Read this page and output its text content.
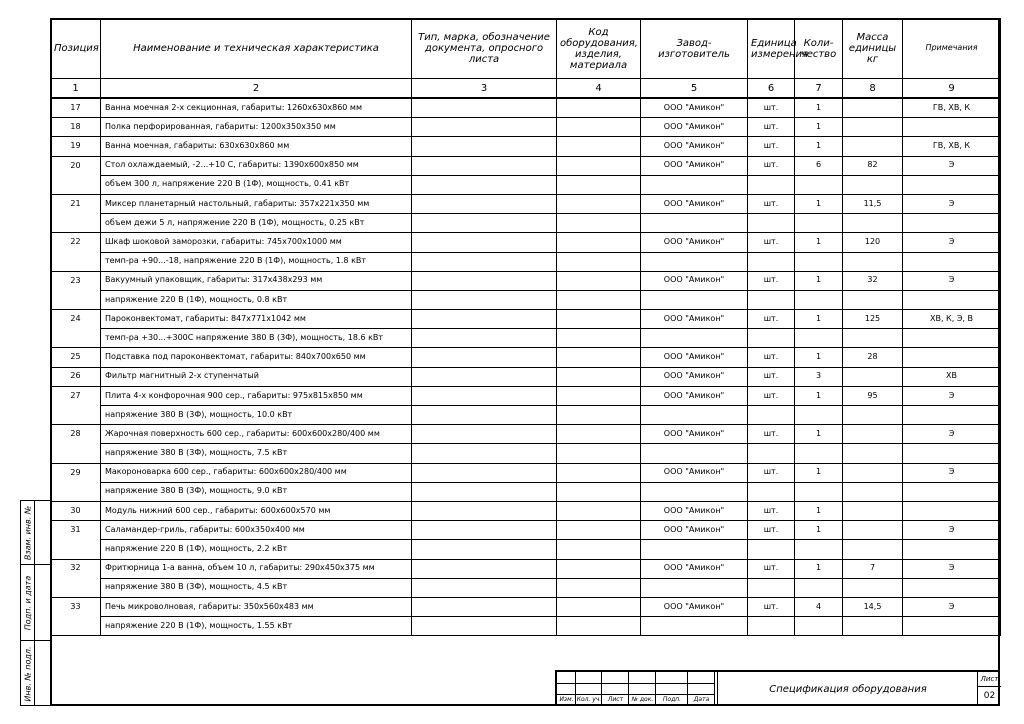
Позиция	Наименование и техническая характеристика	Тип, марка, обозначение документа, опросного листа	Код оборудования, изделия, материала	Завод-изготовитель	Единица измерения	Коли-чество	Масса единицы кг	Примечания
1	2	3	4	5	6	7	8	9
17	Ванна моечная 2-х секционная, габариты: 1260х630х860 мм			ООО "Амикон"	шт.	1		ГВ, ХВ, К
18	Полка перфорированная, габариты: 1200х350х350 мм			ООО "Амикон"	шт.	1		
19	Ванна моечная, габариты: 630х630х860 мм			ООО "Амикон"	шт.	1		ГВ, ХВ, К
20	Стол охлаждаемый, -2...+10 С, габариты: 1390х600х850 мм			ООО "Амикон"	шт.	6	82	Э
	объем 300 л, напряжение 220 В (1Ф), мощность, 0.41 кВт							
21	Миксер планетарный настольный, габариты: 357х221х350 мм			ООО "Амикон"	шт.	1	11,5	Э
	объем дежи 5 л, напряжение 220 В (1Ф), мощность, 0.25 кВт							
22	Шкаф шоковой заморозки, габариты: 745х700х1000 мм			ООО "Амикон"	шт.	1	120	Э
	темп-ра +90...-18, напряжение 220 В (1Ф), мощность, 1.8 кВт							
23	Вакуумный упаковщик, габариты: 317х438х293 мм			ООО "Амикон"	шт.	1	32	Э
	напряжение 220 В (1Ф), мощность, 0.8 кВт							
24	Пароконвектомат, габариты: 847х771х1042 мм			ООО "Амикон"	шт.	1	125	ХВ, К, Э, В
	темп-ра +30...+300С напряжение 380 В (3Ф), мощность, 18.6 кВт							
25	Подставка под пароконвектомат, габариты: 840х700х650 мм			ООО "Амикон"	шт.	1	28	
26	Фильтр магнитный 2-х ступенчатый			ООО "Амикон"	шт.	3		ХВ
27	Плита 4-х конфорочная 900 сер., габариты: 975х815х850 мм			ООО "Амикон"	шт.	1	95	Э
	напряжение 380 В (3Ф), мощность, 10.0 кВт							
28	Жарочная поверхность 600 сер., габариты: 600х600х280/400 мм			ООО "Амикон"	шт.	1		Э
	напряжение 380 В (3Ф), мощность, 7.5 кВт							
29	Макороноварка 600 сер., габариты: 600х600х280/400 мм			ООО "Амикон"	шт.	1		Э
	напряжение 380 В (3Ф), мощность, 9.0 кВт							
30	Модуль нижний 600 сер., габариты: 600х600х570 мм			ООО "Амикон"	шт.	1		
31	Саламандер-гриль, габариты: 600х350х400 мм			ООО "Амикон"	шт.	1		Э
	напряжение 220 В (1Ф), мощность, 2.2 кВт							
32	Фритюрница 1-а ванна, объем 10 л, габариты: 290х450х375 мм			ООО "Амикон"	шт.	1	7	Э
	напряжение 380 В (3Ф), мощность, 4.5 кВт							
33	Печь микроволновая, габариты: 350х560х483 мм			ООО "Амикон"	шт.	4	14,5	Э
	напряжение 220 В (1Ф), мощность, 1.55 кВт							
Взам. инв. №
Подп. и дата
Инв. № подл.	Изм. Кол. уч.	Лист	№ док.	Подп.	Дата
Спецификация оборудования
Лист
02
